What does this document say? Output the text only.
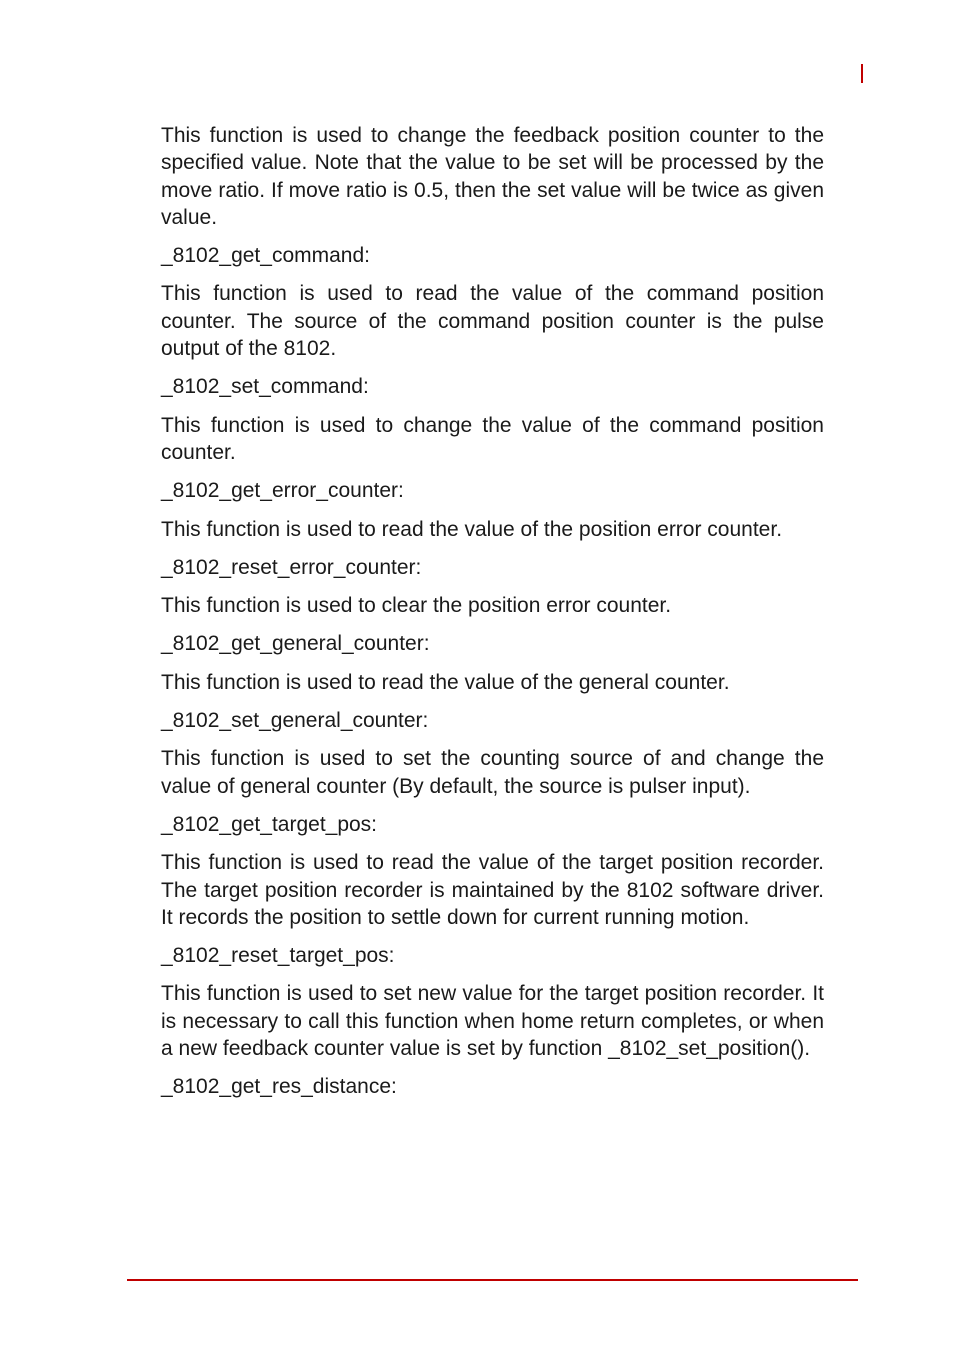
This function is used to change the feedback position counter to the specified value. Note that the value to be set will be processed by the move ratio. If move ratio is 0.5, then the set value will be twice as given value.

_8102_get_command:

This function is used to read the value of the command position counter. The source of the command position counter is the pulse output of the 8102.

_8102_set_command:

This function is used to change the value of the command position counter.

_8102_get_error_counter:

This function is used to read the value of the position error counter.

_8102_reset_error_counter:

This function is used to clear the position error counter.

_8102_get_general_counter:

This function is used to read the value of the general counter.

_8102_set_general_counter:

This function is used to set the counting source of and change the value of general counter (By default, the source is pulser input).

_8102_get_target_pos:

This function is used to read the value of the target position recorder. The target position recorder is maintained by the 8102 software driver. It records the position to settle down for current running motion.

_8102_reset_target_pos:

This function is used to set new value for the target position recorder. It is necessary to call this function when home return completes, or when a new feedback counter value is set by function _8102_set_position().

_8102_get_res_distance:
